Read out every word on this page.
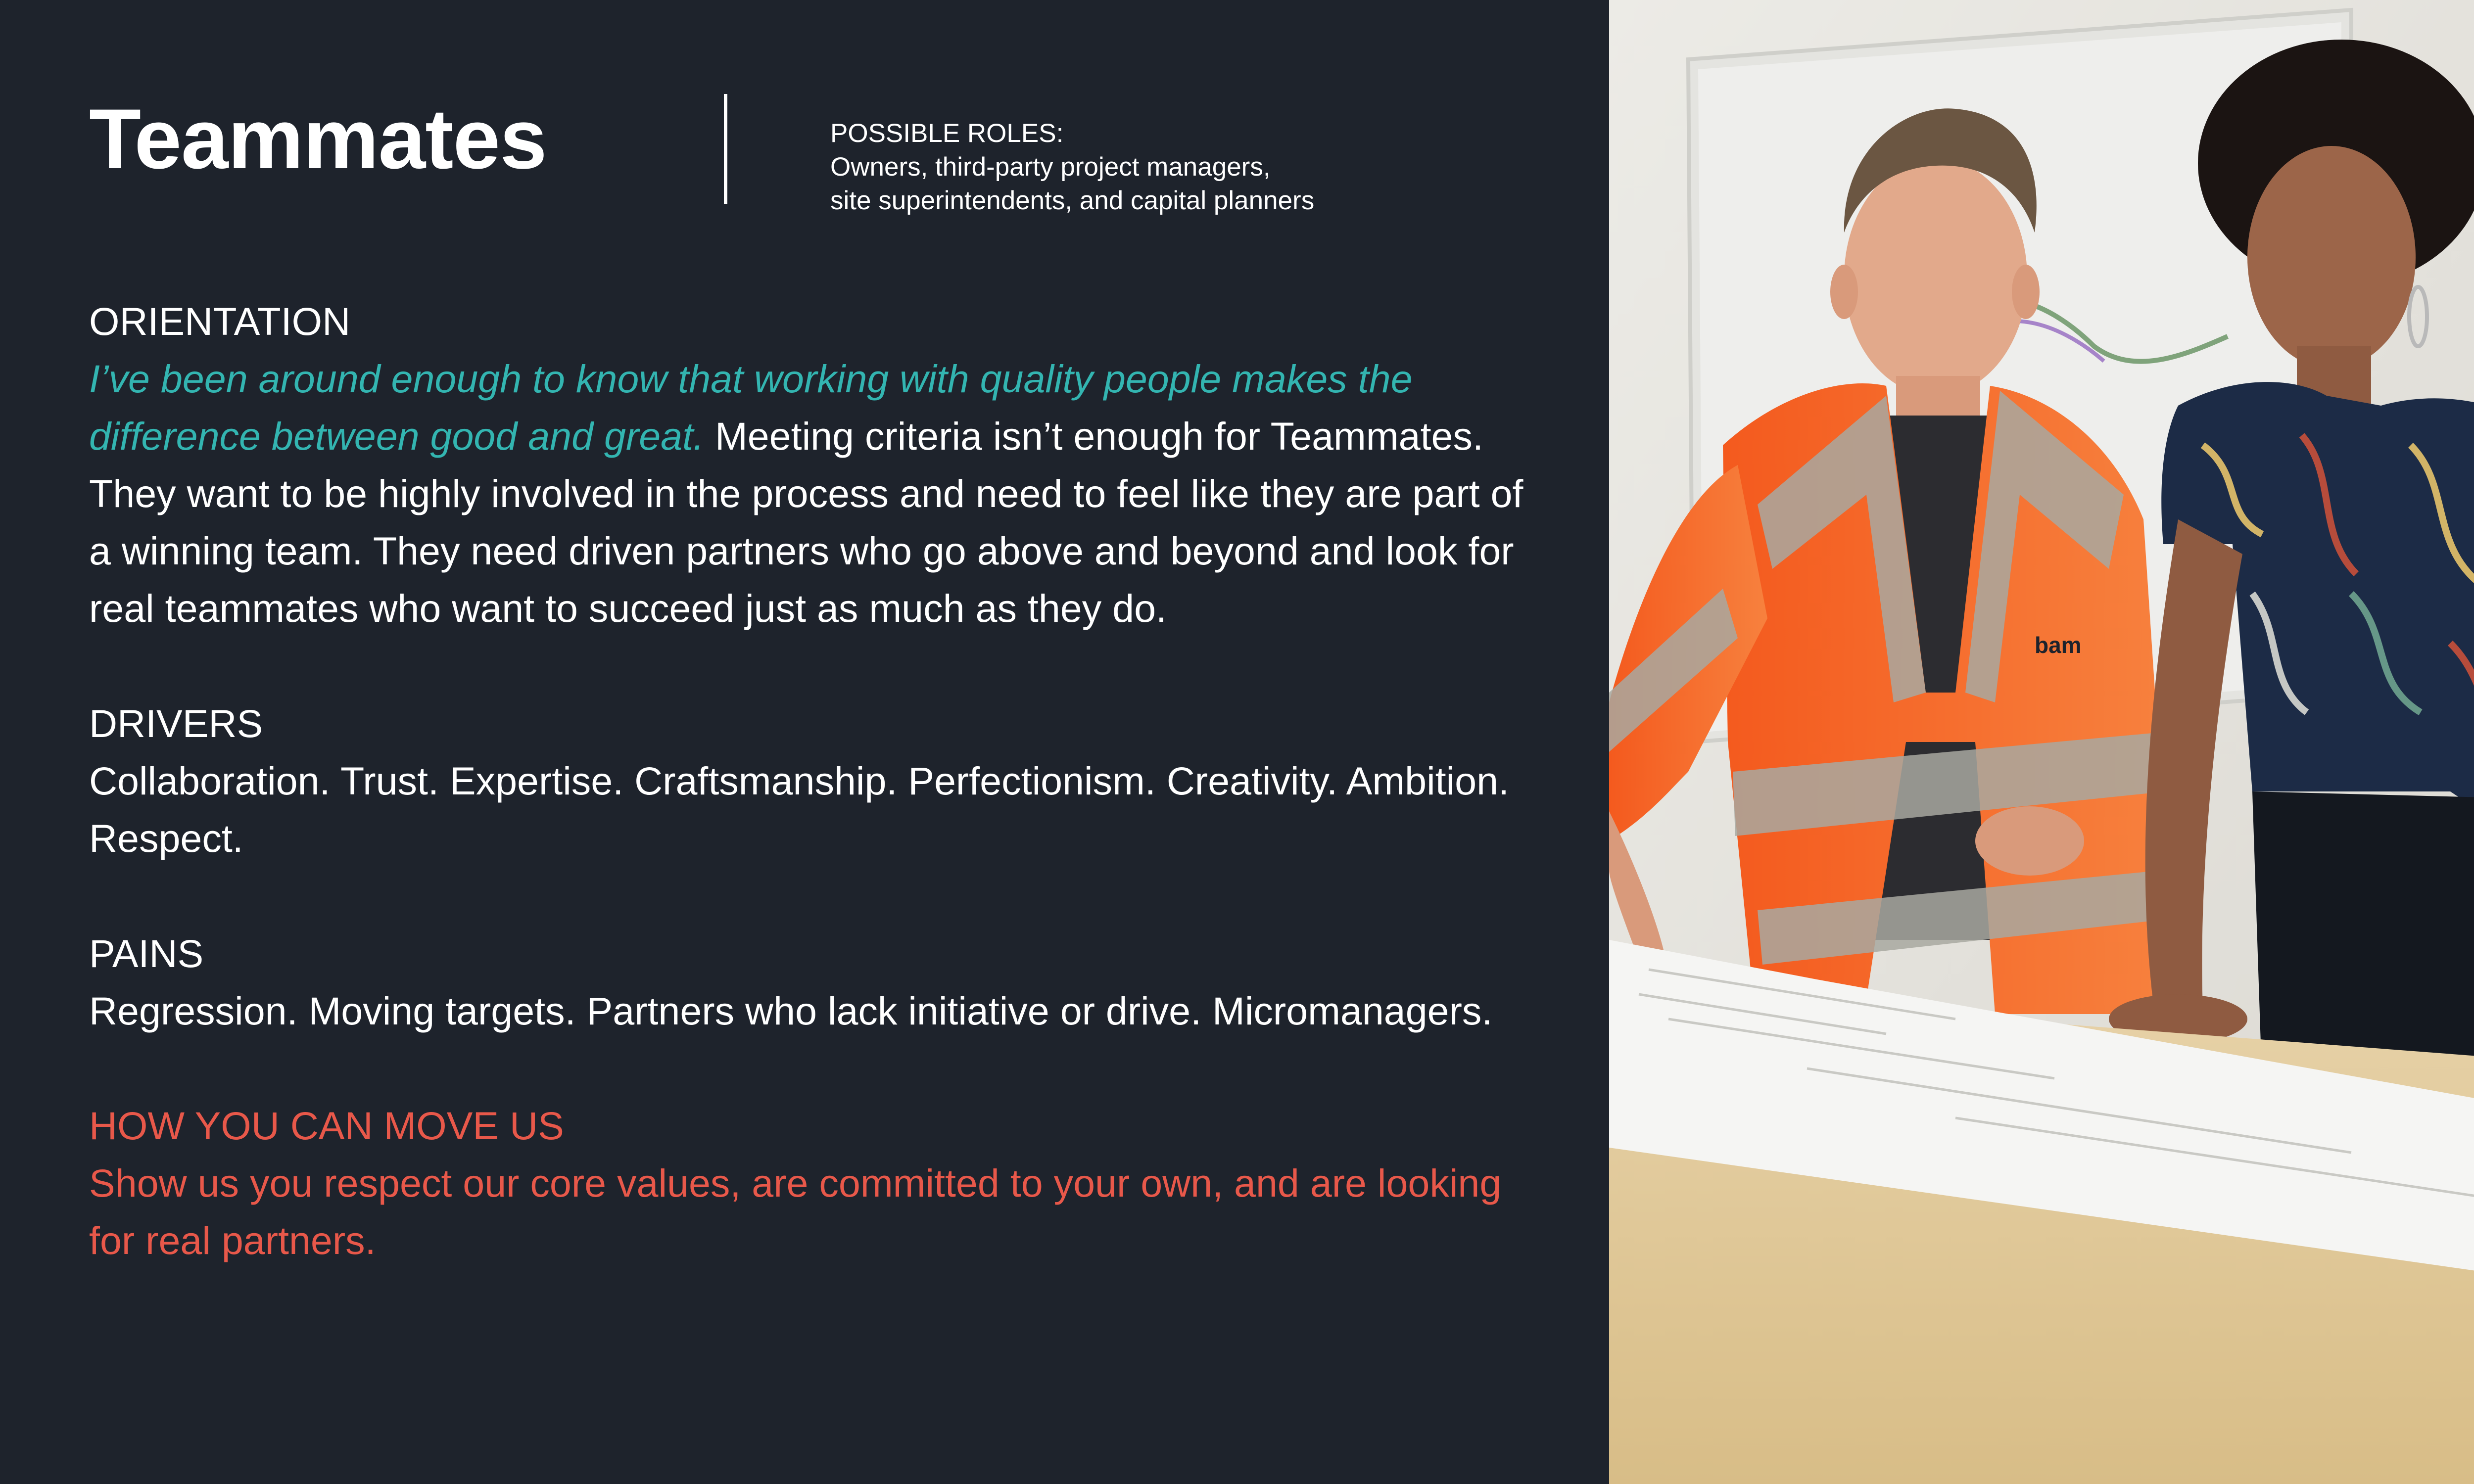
Teammates	POSSIBLE ROLES:
Owners, third-party project managers,
site superintendents, and capital planners
ORIENTATION
I’ve been around enough to know that working with quality people makes the difference between good and great. Meeting criteria isn’t enough for Teammates. They want to be highly involved in the process and need to feel like they are part of a winning team. They need driven partners who go above and beyond and look for real teammates who want to succeed just as much as they do.
DRIVERS
Collaboration. Trust. Expertise. Craftsmanship. Perfectionism. Creativity. Ambition. Respect.
PAINS
Regression. Moving targets. Partners who lack initiative or drive. Micromanagers.
HOW YOU CAN MOVE US
Show us you respect our core values, are committed to your own, and are looking for real partners.
bam
